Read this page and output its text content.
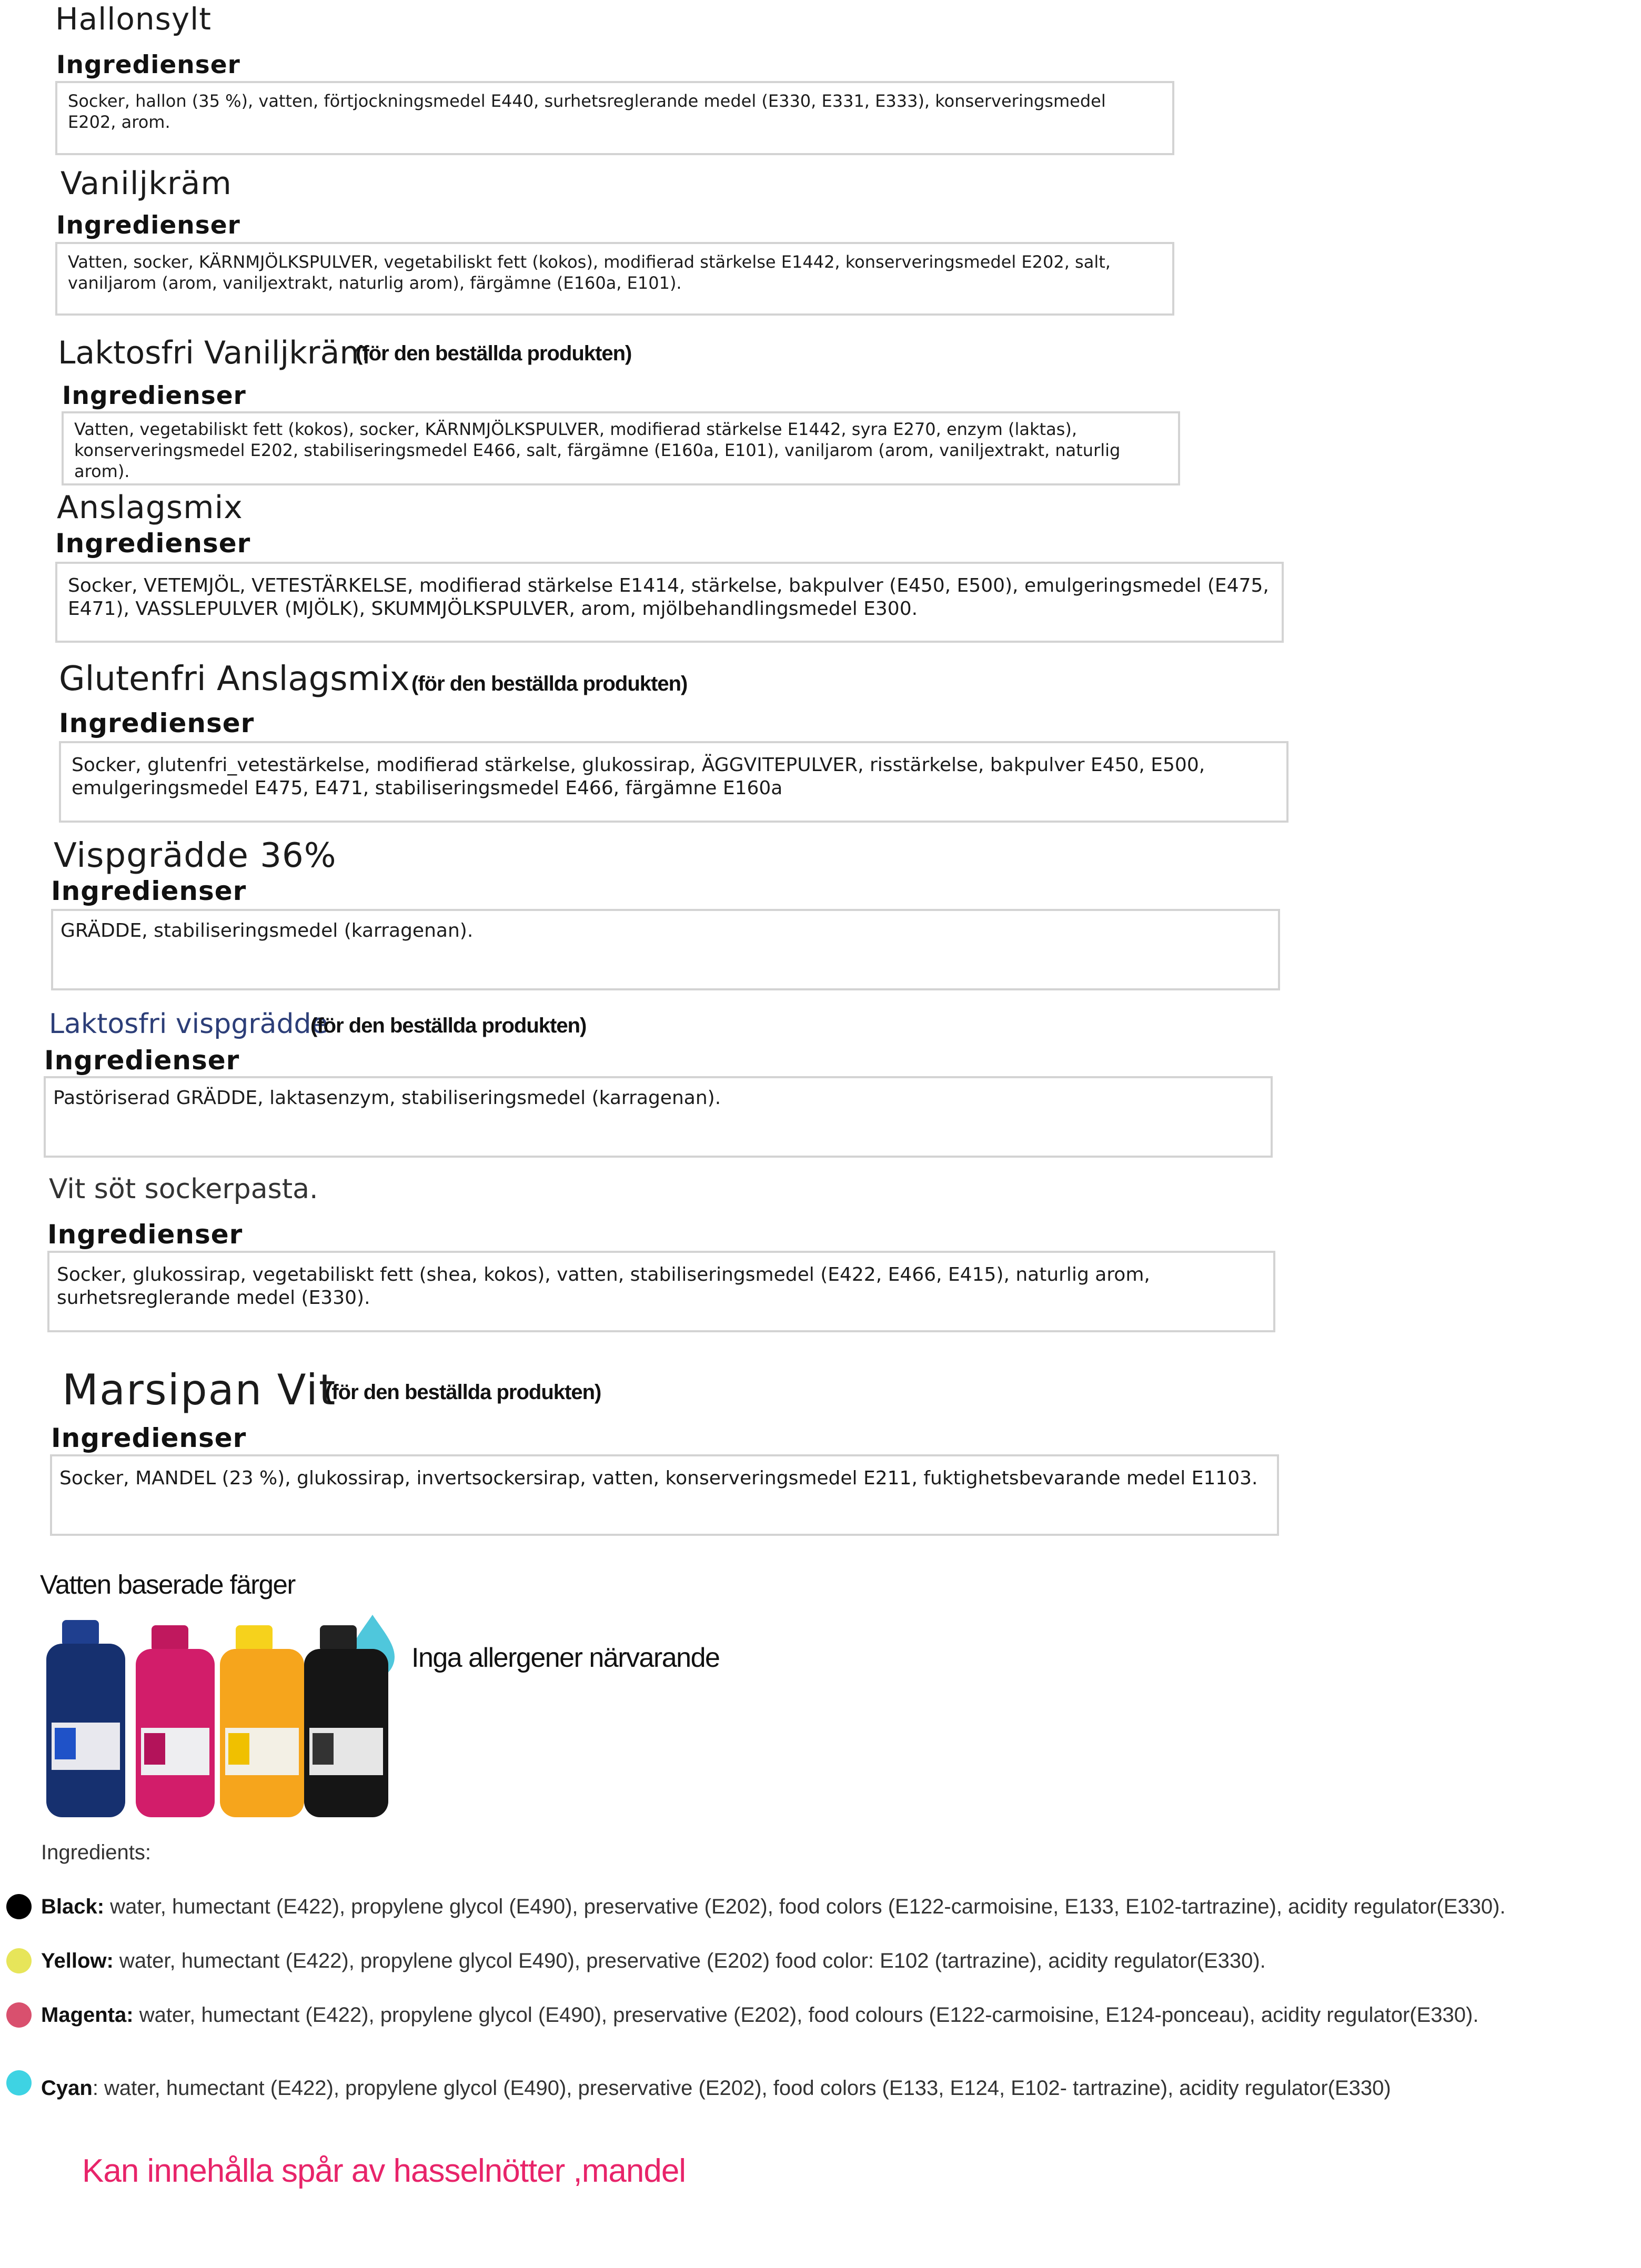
Hallonsylt
Ingredienser
Socker, hallon (35 %), vatten, förtjockningsmedel E440, surhetsreglerande medel (E330, E331, E333), konserveringsmedel
E202, arom.
Vaniljkräm
Ingredienser
Vatten, socker, KÄRNMJÖLKSPULVER, vegetabiliskt fett (kokos), modifierad stärkelse E1442, konserveringsmedel E202, salt,
vaniljarom (arom, vaniljextrakt, naturlig arom), färgämne (E160a, E101).
Laktosfri Vaniljkräm
(för den beställda produkten)
Ingredienser
Vatten, vegetabiliskt fett (kokos), socker, KÄRNMJÖLKSPULVER, modifierad stärkelse E1442, syra E270, enzym (laktas),
konserveringsmedel E202, stabiliseringsmedel E466, salt, färgämne (E160a, E101), vaniljarom (arom, vaniljextrakt, naturlig
arom).
Anslagsmix
Ingredienser
Socker, VETEMJÖL, VETESTÄRKELSE, modifierad stärkelse E1414, stärkelse, bakpulver (E450, E500), emulgeringsmedel (E475,
E471), VASSLEPULVER (MJÖLK), SKUMMJÖLKSPULVER, arom, mjölbehandlingsmedel E300.
Glutenfri Anslagsmix (för den beställda produkten)
Ingredienser
Socker, glutenfri_vetestärkelse, modifierad stärkelse, glukossirap, ÄGGVITEPULVER, risstärkelse, bakpulver E450, E500,
emulgeringsmedel E475, E471, stabiliseringsmedel E466, färgämne E160a
Vispgrädde 36%
Ingredienser
GRÄDDE, stabiliseringsmedel (karragenan).
Laktosfri vispgrädde
(för den beställda produkten)
Ingredienser
Pastöriserad GRÄDDE, laktasenzym, stabiliseringsmedel (karragenan).
Vit söt sockerpasta.
Ingredienser
Socker, glukossirap, vegetabiliskt fett (shea, kokos), vatten, stabiliseringsmedel (E422, E466, E415), naturlig arom,
surhetsreglerande medel (E330).
Marsipan Vit
(för den beställda produkten)
Ingredienser
Socker, MANDEL (23 %), glukossirap, invertsockersirap, vatten, konserveringsmedel E211, fuktighetsbevarande medel E1103.
Vatten baserade färger
Inga allergener närvarande
Ingredients:
Black: water, humectant (E422), propylene glycol (E490), preservative (E202), food colors (E122-carmoisine, E133, E102-tartrazine), acidity regulator(E330).
Yellow: water, humectant (E422), propylene glycol E490), preservative (E202) food color: E102 (tartrazine), acidity regulator(E330).
Magenta: water, humectant (E422), propylene glycol (E490), preservative (E202), food colours (E122-carmoisine, E124-ponceau), acidity regulator(E330).
Cyan: water, humectant (E422), propylene glycol (E490), preservative (E202), food colors (E133, E124, E102- tartrazine), acidity regulator(E330)
Kan innehålla spår av hasselnötter ,mandel
